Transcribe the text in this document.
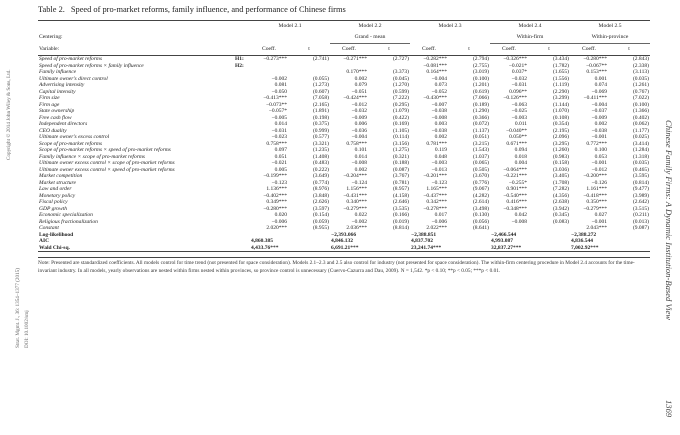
Copyright © 2014 John Wiley & Sons, Ltd.
Strat. Mgmt. J., 36: 1354–1377 (2015) DOI: 10.1002/smj
Chinese Family Firms: A Dynamic Institution-Based View
1369
Table 2. Speed of pro-market reforms, family influence, and performance of Chinese firms
		Model 2.1		Model 2.2		Model 2.3		Model 2.4		Model 2.5	
Centering:				Grand - mean				Within-firm		Within-province	
Variable:		Coeff.	t	Coeff.	t	Coeff.	t	Coeff.	t	Coeff.	t
Speed of pro-market reforms	H1:	−0.273***	(2.741)	−0.271***	(2.727)	−0.282***	(2.794)	−0.326***	(3.434)	−0.280***	(2.843)
Speed of pro-market reforms × family influence	H2:					−0.081***	(2.755)	−0.021*	(1.782)	−0.067**	(2.338)
Family influence				0.170***	(3.373)	0.164***	(3.019)	0.037*	(1.655)	0.153***	(3.113)
Ultimate owner's direct control		−0.002	(0.055)	0.002	(0.045)	−0.004	(0.100)	−0.032	(1.556)	0.001	(0.035)
Advertising intensity		0.081	(1.273)	0.079	(1.270)	0.073	(1.201)	−0.031	(1.119)	0.074	(1.261)
Capital intensity		−0.050	(0.607)	−0.051	(0.599)	−0.052	(0.619)	0.096**	(2.290)	−0.069	(0.767)
Firm size		−0.413***	(7.058)	−0.424***	(7.222)	−0.430***	(7.066)	−0.126***	(3.299)	−0.411***	(7.022)
Firm age		−0.073**	(2.165)	−0.012	(0.295)	−0.007	(0.189)	−0.063	(1.144)	−0.004	(0.100)
State ownership		−0.057*	(1.891)	−0.032	(1.079)	−0.038	(1.290)	−0.025	(1.070)	−0.037	(1.366)
Free cash flow		−0.005	(0.198)	−0.009	(0.422)	−0.008	(0.366)	−0.003	(0.108)	−0.009	(0.402)
Independent directors		0.014	(0.375)	0.006	(0.169)	0.003	(0.072)	0.011	(0.354)	0.002	(0.062)
CEO duality		−0.031	(0.999)	−0.036	(1.105)	−0.038	(1.137)	−0.040**	(2.195)	−0.038	(1.177)
Ultimate owner's excess control		−0.023	(0.577)	−0.004	(0.114)	0.002	(0.051)	0.050**	(2.096)	−0.001	(0.025)
Scope of pro-market reforms		0.758***	(3.321)	0.758***	(3.156)	0.781***	(3.215)	0.671***	(3.295)	0.772***	(3.414)
Scope of pro-market reforms × speed of pro-market reforms		0.097	(1.235)	0.101	(1.275)	0.119	(1.543)	0.094	(1.260)	0.100	(1.284)
Family influence × scope of pro-market reforms		0.051	(1.408)	0.014	(0.321)	0.048	(1.037)	0.018	(0.983)	0.053	(1.318)
Ultimate owner excess control × scope of pro-market reforms		−0.021	(0.483)	−0.008	(0.188)	−0.003	(0.065)	0.004	(0.158)	−0.001	(0.035)
Ultimate owner excess control × speed of pro-market reforms		0.005	(0.222)	0.002	(0.087)	−0.013	(0.505)	−0.064***	(3.036)	−0.012	(0.465)
Market competition		−0.199***	(3.649)	−0.204***	(3.767)	−0.201***	(3.670)	−0.221***	(3.405)	−0.200***	(3.595)
Market structure		−0.123	(0.774)	−0.124	(0.781)	−0.123	(0.776)	−0.255*	(1.708)	−0.126	(0.814)
Law and order		1.136***	(8.976)	1.156***	(8.957)	1.165***	(9.067)	0.901***	(7.282)	1.161***	(9.477)
Monetary policy		−0.402***	(3.848)	−0.431***	(4.158)	−0.437***	(4.282)	−0.540***	(4.356)	−0.418***	(3.989)
Fiscal policy		0.349***	(2.626)	0.340***	(2.646)	0.342***	(2.614)	0.416***	(2.638)	0.350***	(2.642)
GDP growth		−0.280***	(3.597)	−0.279***	(3.535)	−0.278***	(3.498)	−0.348***	(3.942)	−0.279***	(3.515)
Economic specialization		0.020	(0.154)	0.022	(0.166)	0.017	(0.130)	0.042	(0.345)	0.027	(0.211)
Religious fractionalization		−0.006	(0.059)	−0.002	(0.019)	−0.006	(0.056)	−0.008	(0.083)	−0.001	(0.013)
Constant		2.020***	(8.955)	2.036***	(8.814)	2.022***	(8.641)			2.043***	(9.087)
Log-likelihood				−2,393.066		−2,388.851		−2,466.544		−2,388.272	
AIC		4,860.385		4,846.132		4,837.702		4,993.087		4,836.544	
Wald Chi-sq.		4,433.76***		6,691.21***		23,241.74***		32,837.27***		7,002.92***	
Note: Presented are standardized coefficients. All models control for time trend (not presented for space consideration). Models 2.1–2.3 and 2.5 also control for industry (not presented for space consideration). The within-firm centering procedure in Model 2.4 accounts for the time-invariant industry. In all models, yearly observations are nested within firms nested within provinces, so province control is unnecessary (Cuervo-Cazurra and Dau, 2009). N = 1,542. *p < 0.10; **p < 0.05; ***p < 0.01.
